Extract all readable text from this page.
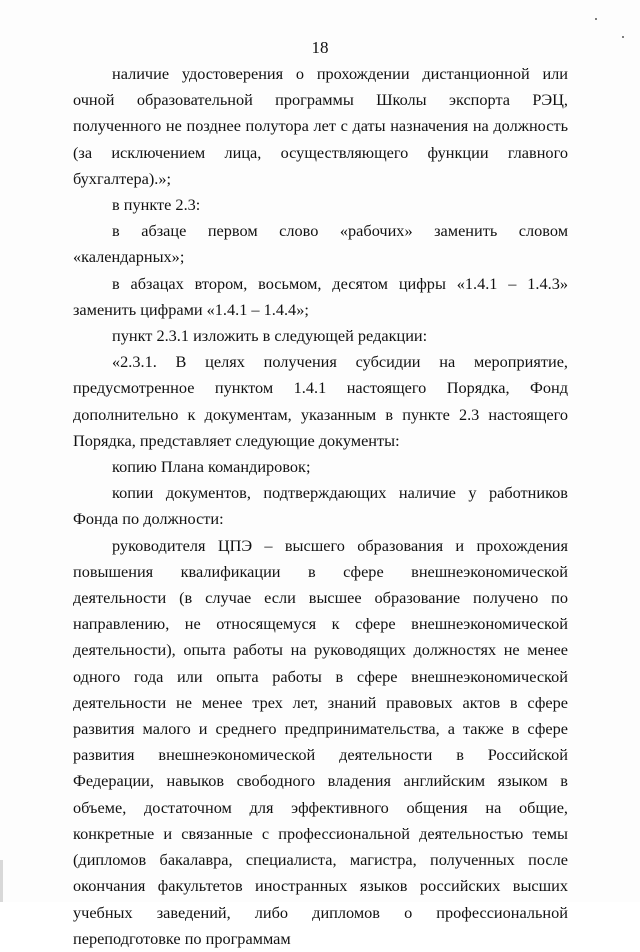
18

наличие удостоверения о прохождении дистанционной или очной образовательной программы Школы экспорта РЭЦ, полученного не позднее полутора лет с даты назначения на должность (за исключением лица, осуществляющего функции главного бухгалтера).»;

в пункте 2.3:

в абзаце первом слово «рабочих» заменить словом «календарных»;

в абзацах втором, восьмом, десятом цифры «1.4.1 – 1.4.3» заменить цифрами «1.4.1 – 1.4.4»;

пункт 2.3.1 изложить в следующей редакции:

«2.3.1. В целях получения субсидии на мероприятие, предусмотренное пунктом 1.4.1 настоящего Порядка, Фонд дополнительно к документам, указанным в пункте 2.3 настоящего Порядка, представляет следующие документы:

копию Плана командировок;

копии документов, подтверждающих наличие у работников Фонда по должности:

руководителя ЦПЭ – высшего образования и прохождения повышения квалификации в сфере внешнеэкономической деятельности (в случае если высшее образование получено по направлению, не относящемуся к сфере внешнеэкономической деятельности), опыта работы на руководящих должностях не менее одного года или опыта работы в сфере внешнеэкономической деятельности не менее трех лет, знаний правовых актов в сфере развития малого и среднего предпринимательства, а также в сфере развития внешнеэкономической деятельности в Российской Федерации, навыков свободного владения английским языком в объеме, достаточном для эффективного общения на общие, конкретные и связанные с профессиональной деятельностью темы (дипломов бакалавра, специалиста, магистра, полученных после окончания факультетов иностранных языков российских высших учебных заведений, либо дипломов о профессиональной переподготовке по программам
